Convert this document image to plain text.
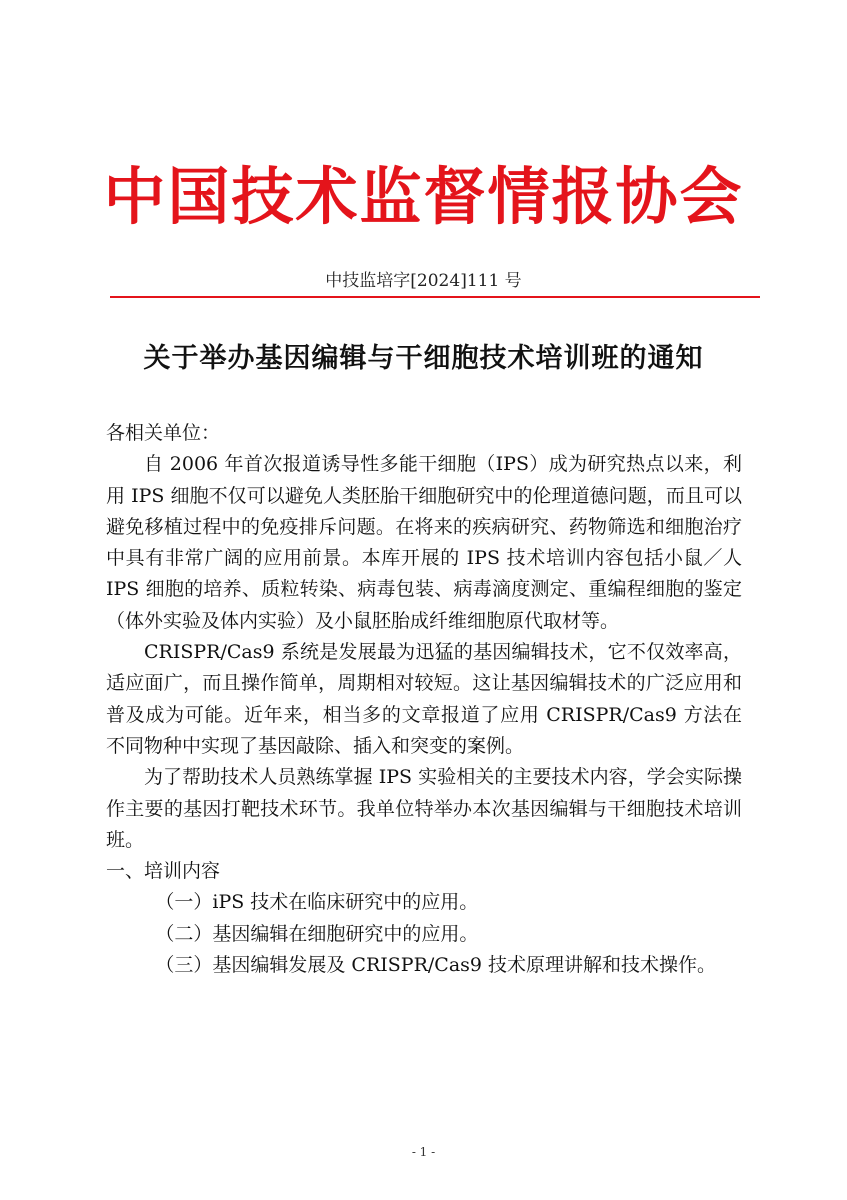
中国技术监督情报协会
中技监培字[2024]111 号
关于举办基因编辑与干细胞技术培训班的通知

各相关单位：

自 2006 年首次报道诱导性多能干细胞（IPS）成为研究热点以来，利用 IPS 细胞不仅可以避免人类胚胎干细胞研究中的伦理道德问题，而且可以避免移植过程中的免疫排斥问题。在将来的疾病研究、药物筛选和细胞治疗中具有非常广阔的应用前景。本库开展的 IPS 技术培训内容包括小鼠／人 IPS 细胞的培养、质粒转染、病毒包装、病毒滴度测定、重编程细胞的鉴定（体外实验及体内实验）及小鼠胚胎成纤维细胞原代取材等。

CRISPR/Cas9 系统是发展最为迅猛的基因编辑技术，它不仅效率高，适应面广，而且操作简单，周期相对较短。这让基因编辑技术的广泛应用和普及成为可能。近年来，相当多的文章报道了应用 CRISPR/Cas9 方法在不同物种中实现了基因敲除、插入和突变的案例。

为了帮助技术人员熟练掌握 IPS 实验相关的主要技术内容，学会实际操作主要的基因打靶技术环节。我单位特举办本次基因编辑与干细胞技术培训班。

一、培训内容

（一）iPS 技术在临床研究中的应用。

（二）基因编辑在细胞研究中的应用。

（三）基因编辑发展及 CRISPR/Cas9 技术原理讲解和技术操作。

- 1 -
